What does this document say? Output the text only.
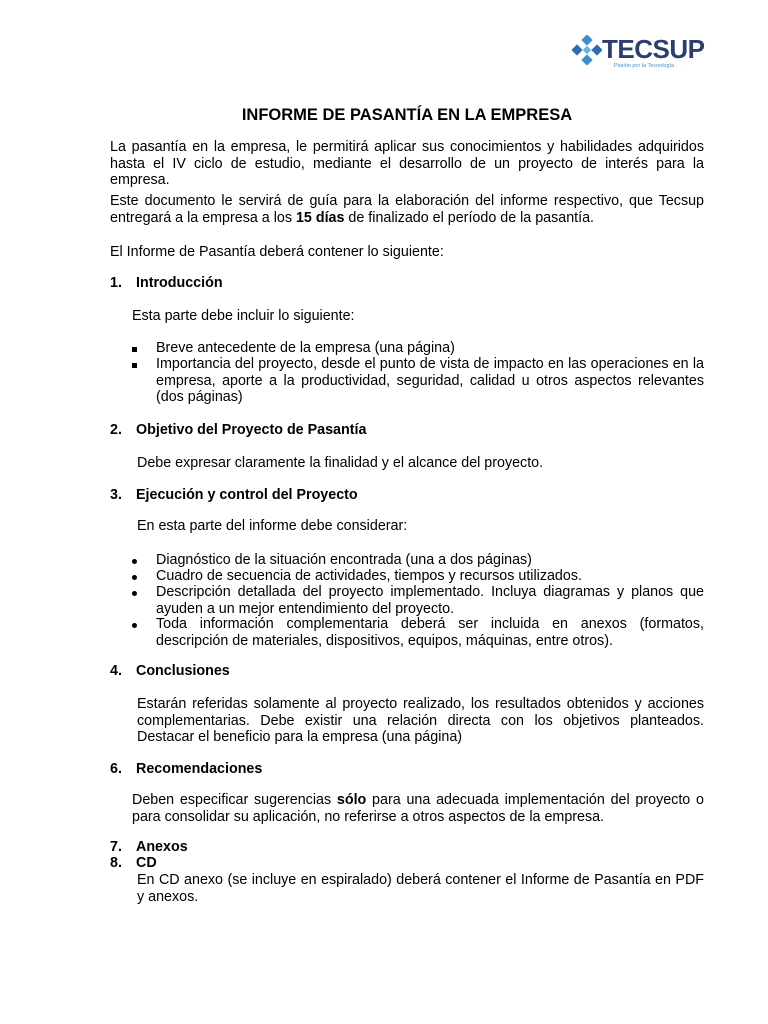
TECSUP
Pasión por la Tecnología
INFORME DE PASANTÍA EN LA EMPRESA
La pasantía en la empresa, le permitirá aplicar sus conocimientos y habilidades adquiridos
hasta el IV ciclo de estudio, mediante el desarrollo de un proyecto de interés para la
empresa.
Este documento le servirá de guía para la elaboración del informe respectivo, que Tecsup
entregará a la empresa a los 15 días de finalizado el período de la pasantía.
El Informe de Pasantía deberá contener lo siguiente:
1. Introducción
Esta parte debe incluir lo siguiente:
Breve antecedente de la empresa (una página)
Importancia del proyecto, desde el punto de vista de impacto en las operaciones en la empresa, aporte a la productividad, seguridad, calidad u otros aspectos relevantes (dos páginas)
2. Objetivo del Proyecto de Pasantía
Debe expresar claramente la finalidad y el alcance del proyecto.
3. Ejecución y control del Proyecto
En esta parte del informe debe considerar:
Diagnóstico de la situación encontrada (una a dos páginas)
Cuadro de secuencia de actividades, tiempos y recursos utilizados.
Descripción detallada del proyecto implementado. Incluya diagramas y planos que ayuden a un mejor entendimiento del proyecto.
Toda información complementaria deberá ser incluida en anexos (formatos, descripción de materiales, dispositivos, equipos, máquinas, entre otros).
4. Conclusiones
Estarán referidas solamente al proyecto realizado, los resultados obtenidos y acciones complementarias. Debe existir una relación directa con los objetivos planteados. Destacar el beneficio para la empresa (una página)
6. Recomendaciones
Deben especificar sugerencias sólo para una adecuada implementación del proyecto o para consolidar su aplicación, no referirse a otros aspectos de la empresa.
7. Anexos
8. CD
En CD anexo (se incluye en espiralado) deberá contener el Informe de Pasantía en PDF y anexos.
